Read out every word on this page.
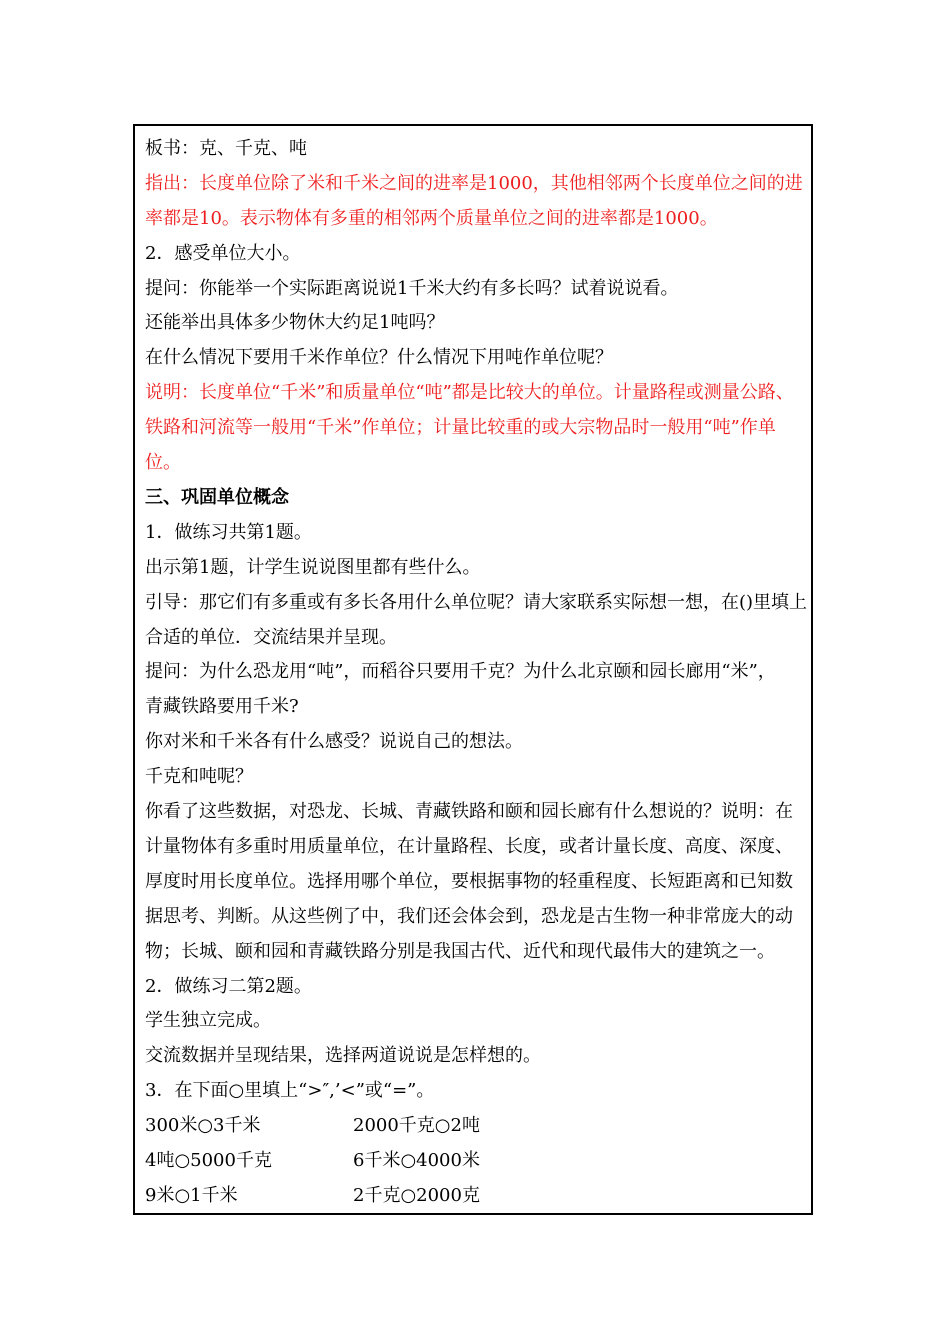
板书：克、千克、吨

指出：长度单位除了米和千米之间的进率是1000，其他相邻两个长度单位之间的进率都是10。表示物体有多重的相邻两个质量单位之间的进率都是1000。

2．感受单位大小。

提问：你能举一个实际距离说说1千米大约有多长吗？试着说说看。

还能举出具体多少物休大约足1吨吗？

在什么情况下要用千米作单位？什么情况下用吨作单位呢？

说明：长度单位“千米”和质量单位“吨”都是比较大的单位。计量路程或测量公路、铁路和河流等一般用“千米”作单位；计量比较重的或大宗物品时一般用“吨”作单位。

三、巩固单位概念

1．做练习共第1题。

出示第1题，计学生说说图里都有些什么。

引导：那它们有多重或有多长各用什么单位呢？请大家联系实际想一想，在()里填上合适的单位．交流结果并呈现。

提问：为什么恐龙用“吨”，而稻谷只要用千克？为什么北京颐和园长廊用“米”，青藏铁路要用千米?

你对米和千米各有什么感受？说说自己的想法。

千克和吨呢？

你看了这些数据，对恐龙、长城、青藏铁路和颐和园长廊有什么想说的？说明：在计量物体有多重时用质量单位，在计量路程、长度，或者计量长度、高度、深度、厚度时用长度单位。选择用哪个单位，要根据事物的轻重程度、长短距离和已知数据思考、判断。从这些例了中，我们还会体会到，恐龙是古生物一种非常庞大的动物；长城、颐和园和青藏铁路分别是我国古代、近代和现代最伟大的建筑之一。

2．做练习二第2题。

学生独立完成。

交流数据并呈现结果，选择两道说说是怎样想的。

3．在下面○里填上“>″,’<”或“=”。

300米○3千米	2000千克○2吨
4吨○5000千克	6千米○4000米
9米○1千米	2千克○2000克
